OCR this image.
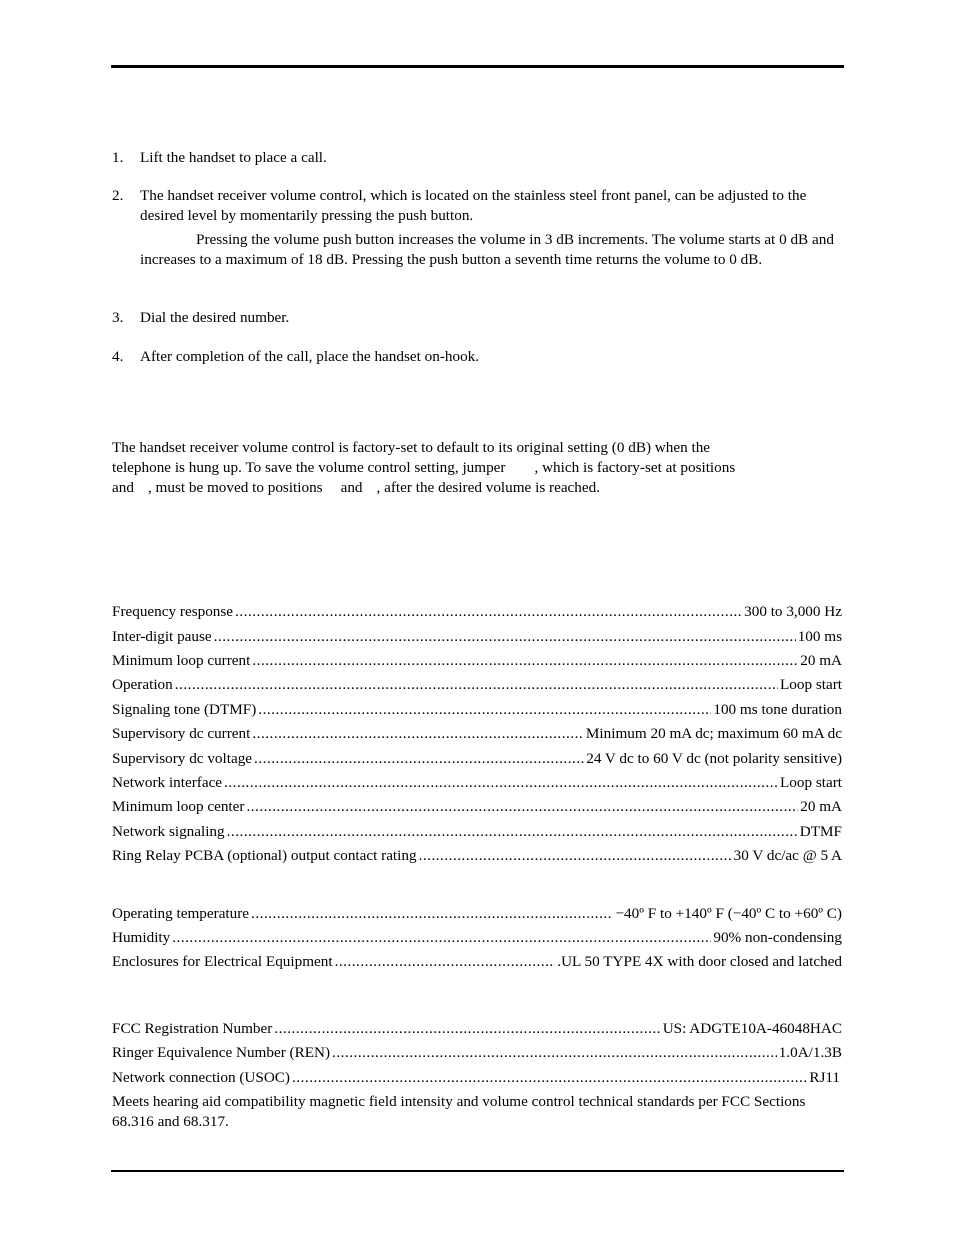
1. Lift the handset to place a call.
2. The handset receiver volume control, which is located on the stainless steel front panel, can be adjusted to the desired level by momentarily pressing the push button.
Pressing the volume push button increases the volume in 3 dB increments. The volume starts at 0 dB and increases to a maximum of 18 dB. Pressing the push button a seventh time returns the volume to 0 dB.
3. Dial the desired number.
4. After completion of the call, place the handset on-hook.
The handset receiver volume control is factory-set to default to its original setting (0 dB) when the
telephone is hung up. To save the volume control setting, jumper , which is factory-set at positions
and , must be moved to positions and , after the desired volume is reached.
Frequency response .....	300 to 3,000 Hz
Inter-digit pause .....	100 ms
Minimum loop current .....	20 mA
Operation .....	Loop start
Signaling tone (DTMF) .....	100 ms tone duration
Supervisory dc current .....	Minimum 20 mA dc; maximum 60 mA dc
Supervisory dc voltage .....	24 V dc to 60 V dc (not polarity sensitive)
Network interface .....	Loop start
Minimum loop center .....	20 mA
Network signaling .....	DTMF
Ring Relay PCBA (optional) output contact rating .....	30 V dc/ac @ 5 A
Operating temperature .....	−40º F to +140º F (−40º C to +60º C)
Humidity .....	90% non-condensing
Enclosures for Electrical Equipment .....	.UL 50 TYPE 4X with door closed and latched
FCC Registration Number .....	US: ADGTE10A-46048HAC
Ringer Equivalence Number (REN) .....	1.0A/1.3B
Network connection (USOC) .....	RJ11
Meets hearing aid compatibility magnetic field intensity and volume control technical standards per FCC Sections 68.316 and 68.317.
